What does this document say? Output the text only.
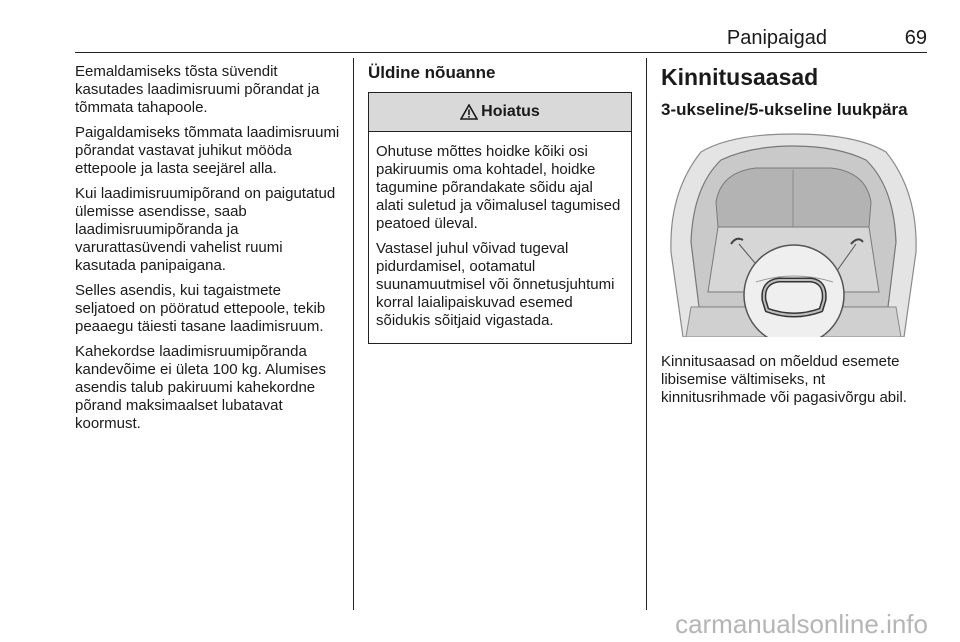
Panipaigad	69

Eemaldamiseks tõsta süvendit kasutades laadimisruumi põrandat ja tõmmata tahapoole.

Paigaldamiseks tõmmata laadimisruumi põrandat vastavat juhikut mööda ettepoole ja lasta seejärel alla.

Kui laadimisruumipõrand on paigutatud ülemisse asendisse, saab laadimisruumipõranda ja varurattasüvendi vahelist ruumi kasutada panipaigana.

Selles asendis, kui tagaistmete seljatoed on pööratud ettepoole, tekib peaaegu täiesti tasane laadimisruum.

Kahekordse laadimisruumipõranda kandevõime ei ületa 100 kg. Alumises asendis talub pakiruumi kahekordne põrand maksimaalset lubatavat koormust.

Üldine nõuanne
Hoiatus

Ohutuse mõttes hoidke kõiki osi pakiruumis oma kohtadel, hoidke tagumine põrandakate sõidu ajal alati suletud ja võimalusel tagumised peatoed üleval.

Vastasel juhul võivad tugeval pidurdamisel, ootamatul suunamuutmisel või õnnetusjuhtumi korral laialipaiskuvad esemed sõidukis sõitjaid vigastada.

Kinnitusaasad
3-ukseline/5-ukseline luukpära

Kinnitusaasad on mõeldud esemete libisemise vältimiseks, nt kinnitusrihmade või pagasivõrgu abil.

carmanualsonline.info
